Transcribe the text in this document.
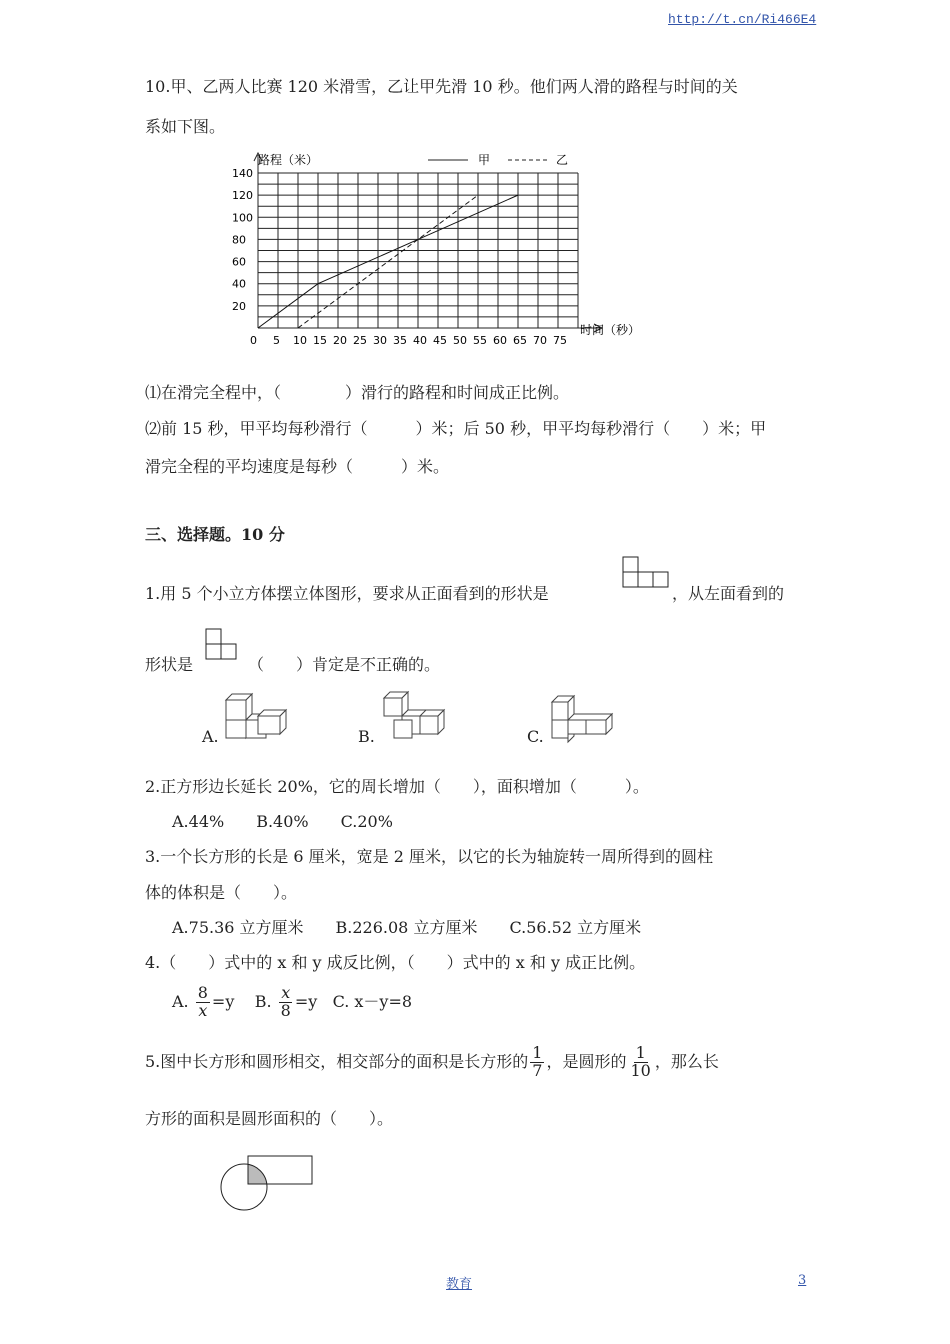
http://t.cn/Ri466E4
10.甲、乙两人比赛 120 米滑雪，乙让甲先滑 10 秒。他们两人滑的路程与时间的关
系如下图。
0 5 10 15 20 25 30 35 40 45 50 55 60 65 70 75
20
40
60
80
100
120
140
路程（米）
时间（秒）
甲	乙
⑴在滑完全程中，（　　　　）滑行的路程和时间成正比例。
⑵前 15 秒，甲平均每秒滑行（　　　）米；后 50 秒，甲平均每秒滑行（　　）米；甲
滑完全程的平均速度是每秒（　　　）米。
三、选择题。10 分
1.用 5 个小立方体摆立体图形，要求从正面看到的形状是	，从左面看到的
形状是	（　　）肯定是不正确的。
A.	B.	C.
2.正方形边长延长 20%，它的周长增加（　　），面积增加（　　　）。
A.44%　　B.40%　　C.20%
3.一个长方形的长是 6 厘米，宽是 2 厘米，以它的长为轴旋转一周所得到的圆柱
体的体积是（　　）。
A.75.36 立方厘米　　B.226.08 立方厘米　　C.56.52 立方厘米
4.（　　）式中的 x 和 y 成反比例，（　　）式中的 x 和 y 成正比例。
A. $\frac{8}{x} =y$ B. $\frac{x}{8} =y$ C. x－y=8
5.图中长方形和圆形相交，相交部分的面积是长方形的 $\frac{1}{7}$ ，是圆形的 $\frac{1}{10}$ ，那么长
方形的面积是圆形面积的（　　）。
教育	3
